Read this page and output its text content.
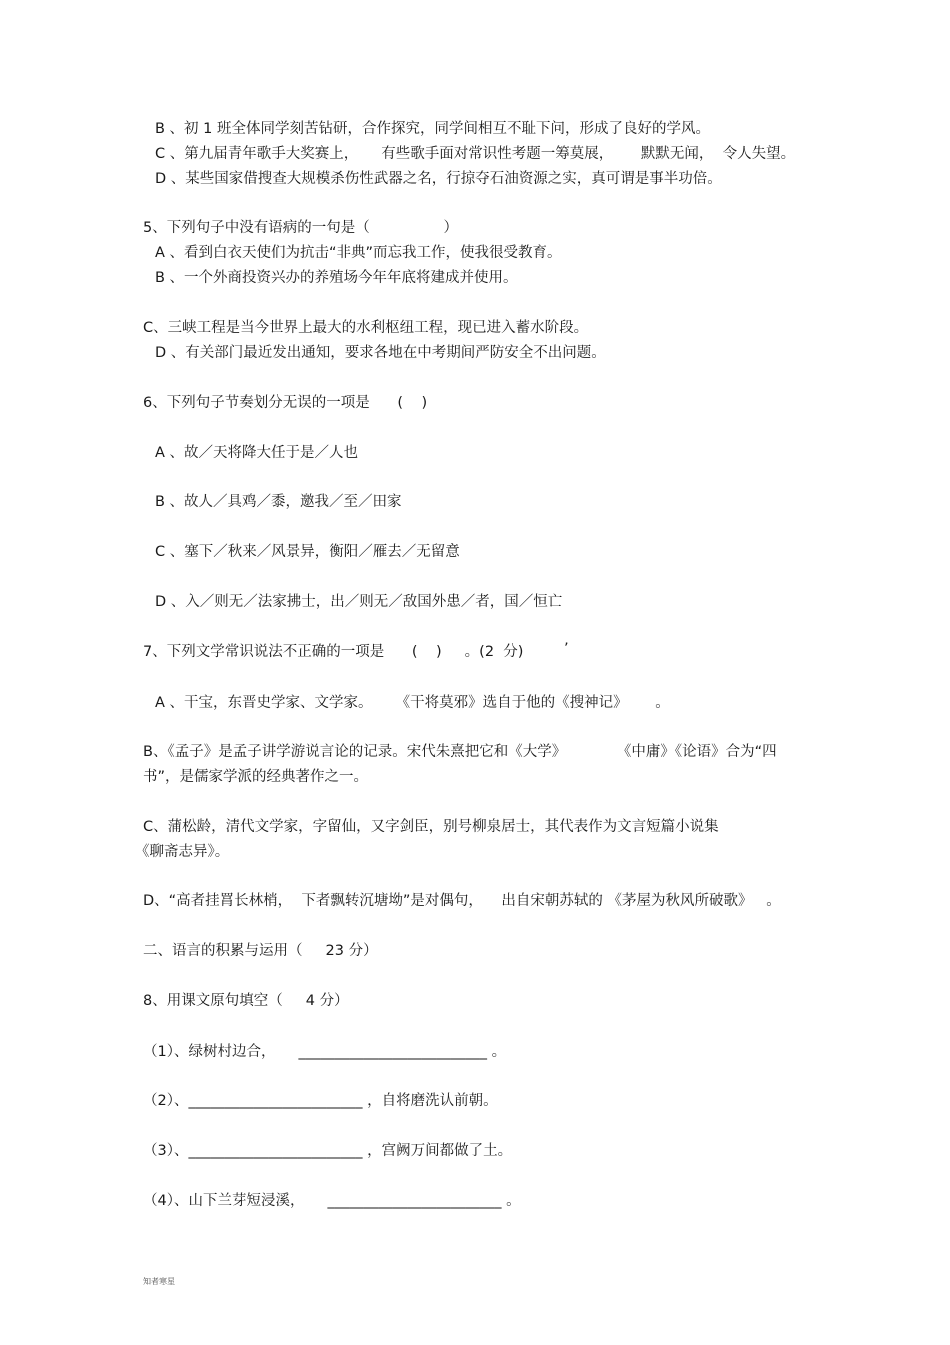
B 、初 1 班全体同学刻苦钻研，合作探究，同学间相互不耻下问，形成了良好的学风。
C 、第九届青年歌手大奖赛上，     有些歌手面对常识性考题一筹莫展，      默默无闻，  令人失望。
D 、某些国家借搜查大规模杀伤性武器之名，行掠夺石油资源之实，真可谓是事半功倍。
5、下列句子中没有语病的一句是（                ）
A 、看到白衣天使们为抗击“非典”而忘我工作，使我很受教育。
B 、一个外商投资兴办的养殖场今年年底将建成并使用。
C、三峡工程是当今世界上最大的水利枢纽工程，现已进入蓄水阶段。
D 、有关部门最近发出通知，要求各地在中考期间严防安全不出问题。
6、下列句子节奏划分无误的一项是      (    )
A 、故／天将降大任于是／人也
B 、故人／具鸡／黍，邀我／至／田家
C 、塞下／秋来／风景异，衡阳／雁去／无留意
D 、入／则无／法家拂士，出／则无／敌国外患／者，国／恒亡
7、下列文学常识说法不正确的一项是      (    )     。(2  分)	’
A 、干宝，东晋史学家、文学家。     《干将莫邪》选自于他的《搜神记》      。
B、《孟子》是孟子讲学游说言论的记录。宋代朱熹把它和《大学》           《中庸》《论语》合为“四
书”，是儒家学派的经典著作之一。
C、蒲松龄，清代文学家，字留仙，又字剑臣，别号柳泉居士，其代表作为文言短篇小说集
《聊斋志异》。
D、“高者挂罥长林梢，  下者飘转沉塘坳”是对偶句，    出自宋朝苏轼的 《茅屋为秋风所破歌》   。
二、语言的积累与运用（     23 分）
8、用课文原句填空（     4 分）
（1）、绿树村边合，     __________________________ 。
（2）、________________________ ，自将磨洗认前朝。
（3）、________________________ ，宫阙万间都做了土。
（4）、山下兰芽短浸溪，     ________________________ 。
知者寒星
